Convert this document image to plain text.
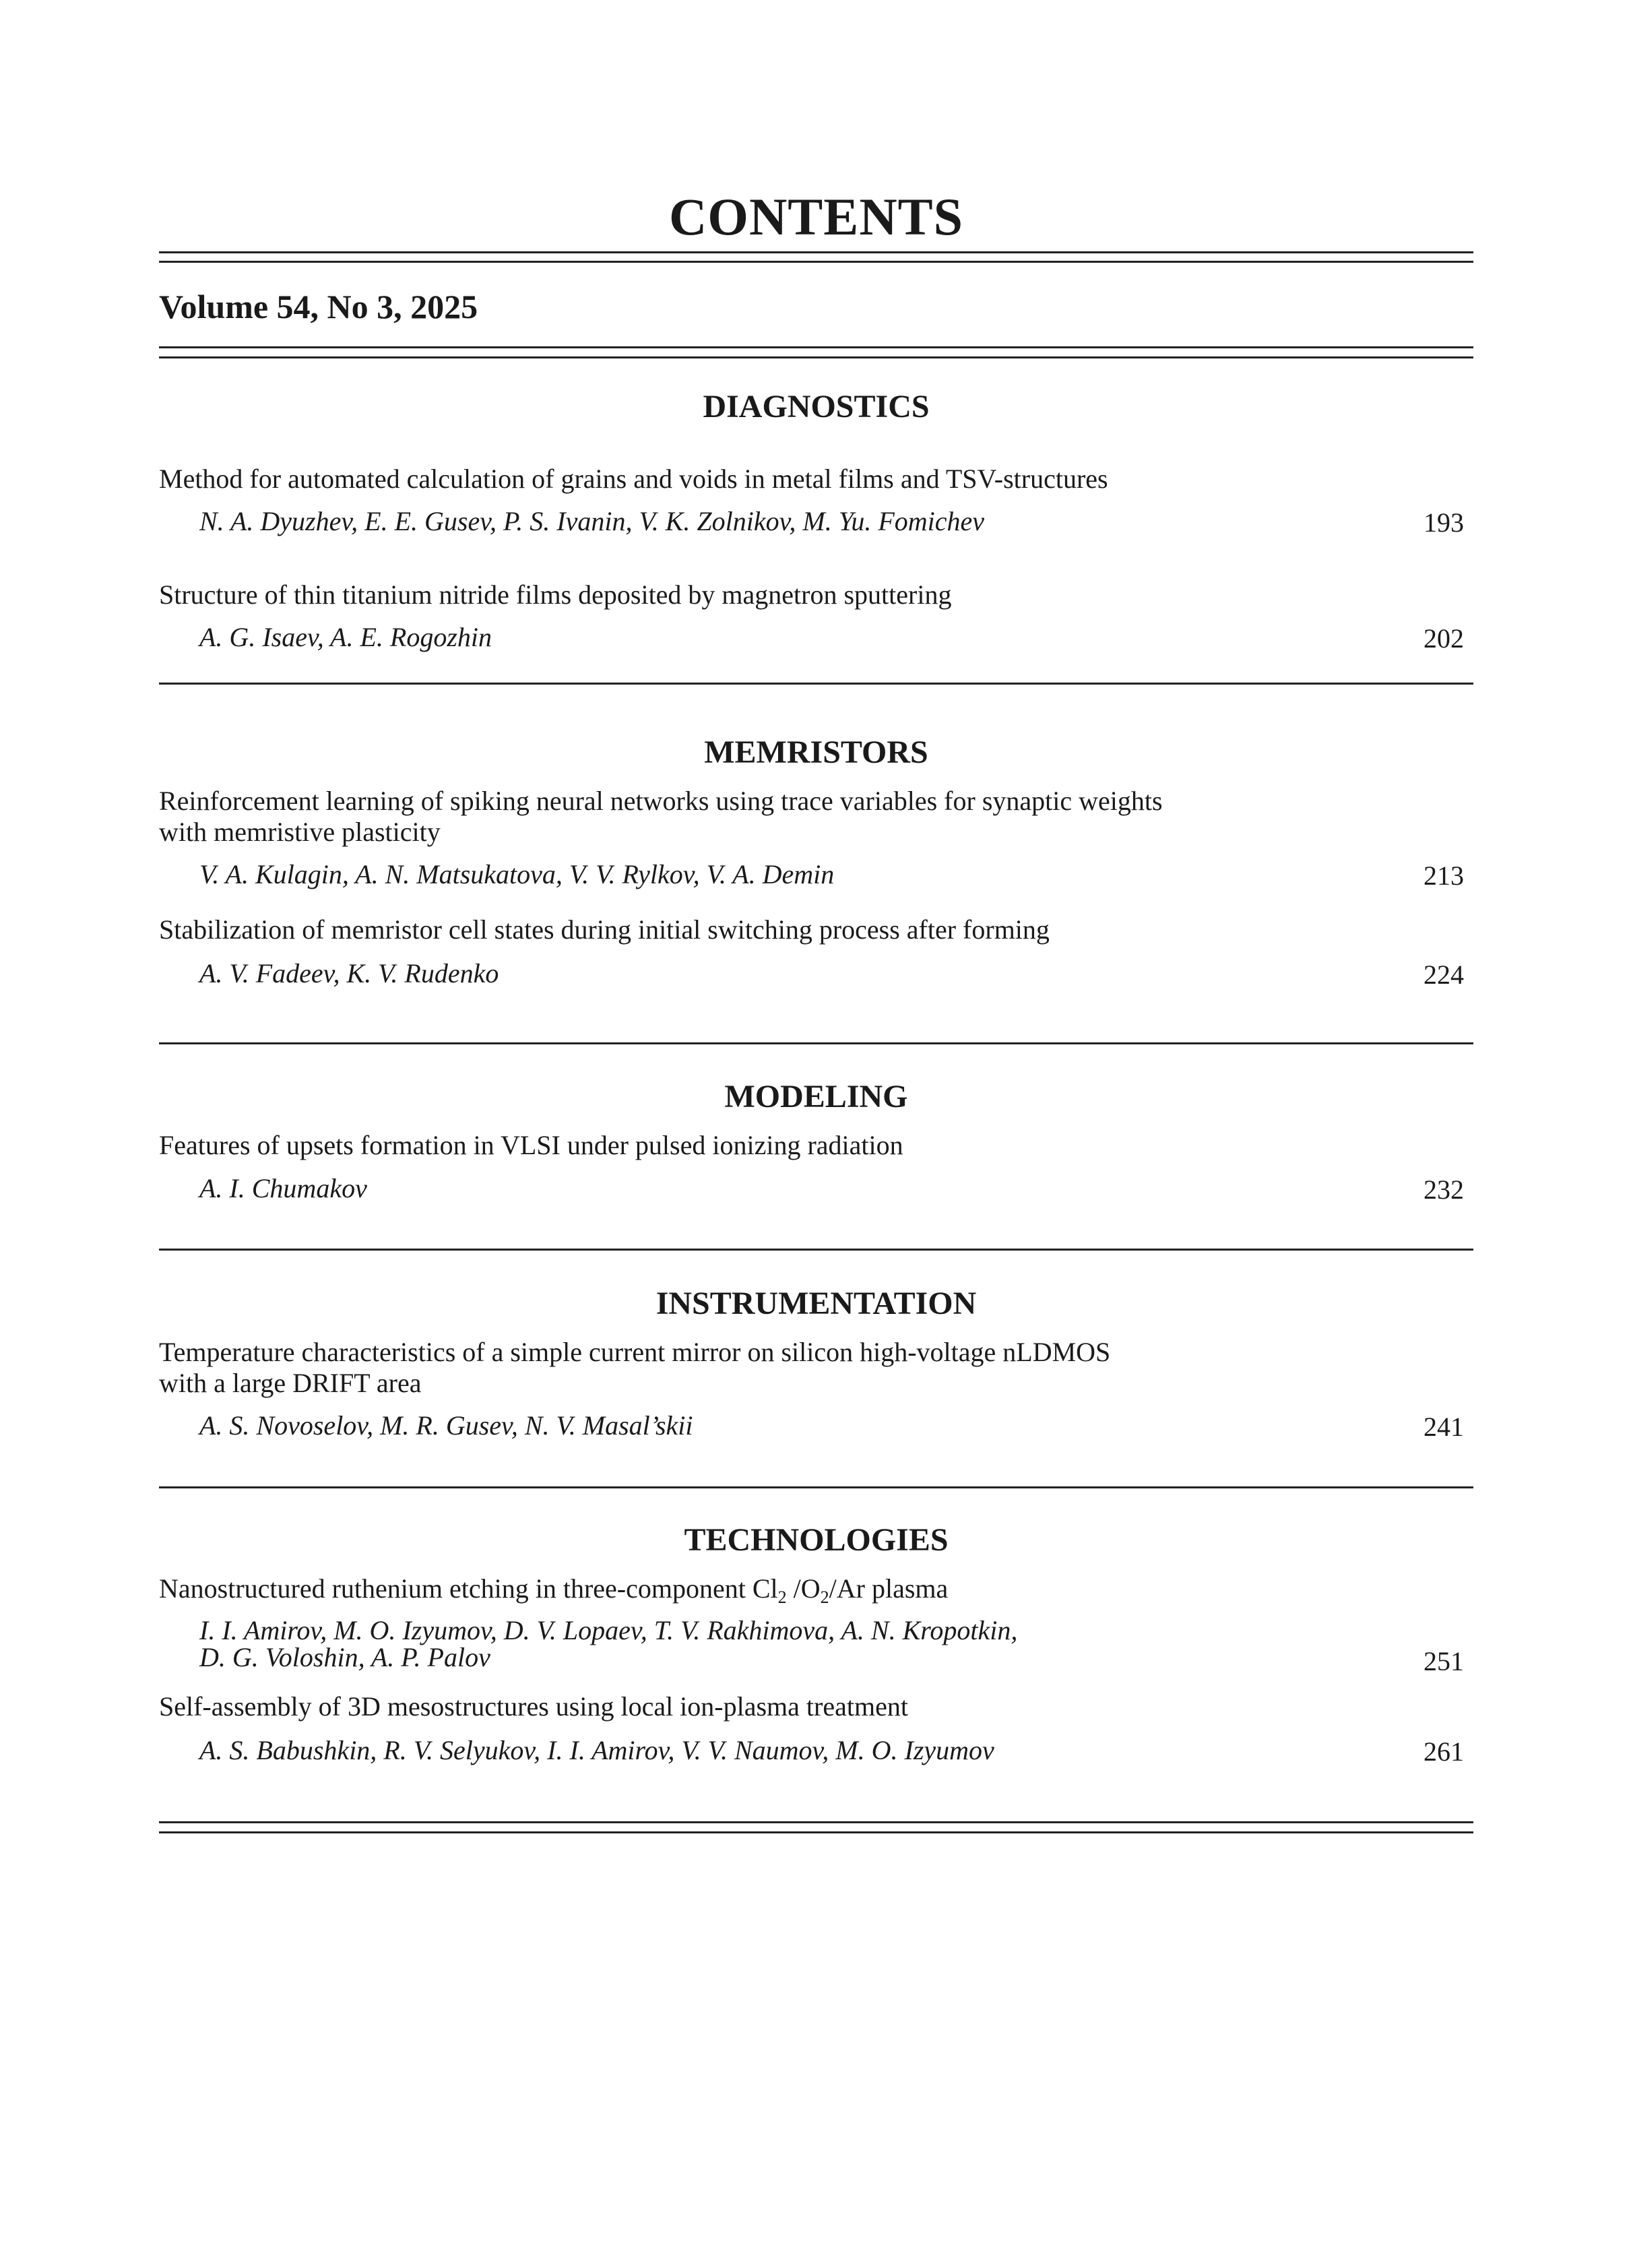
CONTENTS
Volume 54, No 3, 2025
DIAGNOSTICS
Method for automated calculation of grains and voids in metal films and TSV-structures
N. A. Dyuzhev, E. E. Gusev, P. S. Ivanin, V. K. Zolnikov, M. Yu. Fomichev	193
Structure of thin titanium nitride films deposited by magnetron sputtering
A. G. Isaev, A. E. Rogozhin	202
MEMRISTORS
Reinforcement learning of spiking neural networks using trace variables for synaptic weights
with memristive plasticity
V. A. Kulagin, A. N. Matsukatova, V. V. Rylkov, V. A. Demin	213
Stabilization of memristor cell states during initial switching process after forming
A. V. Fadeev, K. V. Rudenko	224
MODELING
Features of upsets formation in VLSI under pulsed ionizing radiation
A. I. Chumakov	232
INSTRUMENTATION
Temperature characteristics of a simple current mirror on silicon high-voltage nLDMOS
with a large DRIFT area
A. S. Novoselov, M. R. Gusev, N. V. Masal’skii	241
TECHNOLOGIES
Nanostructured ruthenium etching in three-component $Cl_2$ $/O_2/Ar$ plasma
I. I. Amirov, M. O. Izyumov, D. V. Lopaev, T. V. Rakhimova, A. N. Kropotkin,
D. G. Voloshin, A. P. Palov	251
Self-assembly of 3D mesostructures using local ion-plasma treatment
A. S. Babushkin, R. V. Selyukov, I. I. Amirov, V. V. Naumov, M. O. Izyumov	261
